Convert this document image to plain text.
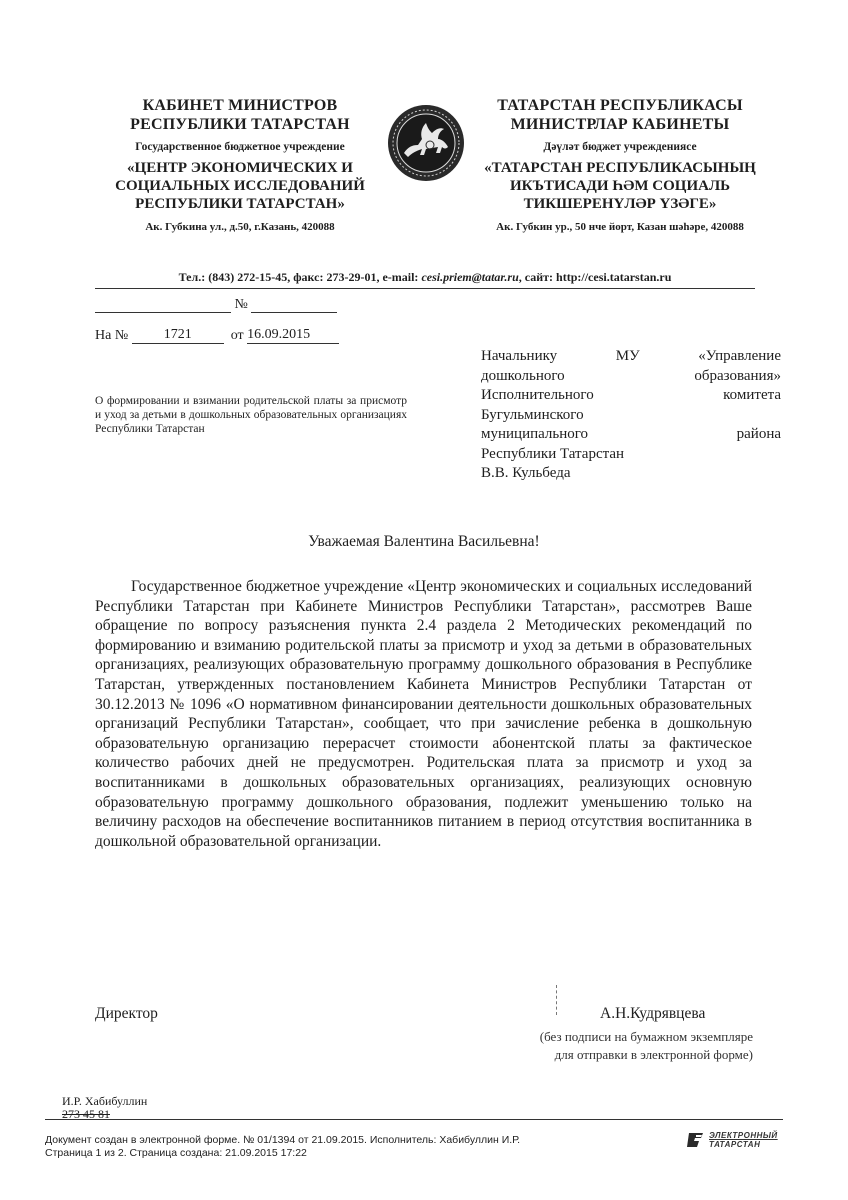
КАБИНЕТ МИНИСТРОВ
РЕСПУБЛИКИ ТАТАРСТАН
Государственное бюджетное учреждение
«ЦЕНТР ЭКОНОМИЧЕСКИХ И
СОЦИАЛЬНЫХ ИССЛЕДОВАНИЙ
РЕСПУБЛИКИ ТАТАРСТАН»
Ак. Губкина ул., д.50, г.Казань, 420088
ТАТАРСТАН РЕСПУБЛИКАСЫ
МИНИСТРЛАР КАБИНЕТЫ
Дәүләт бюджет учреждениясе
«ТАТАРСТАН РЕСПУБЛИКАСЫНЫҢ
ИКЪТИСАДИ ҺӘМ СОЦИАЛЬ
ТИКШЕРЕНҮЛӘР ҮЗӘГЕ»
Ак. Губкин ур., 50 нче йорт, Казан шәһәре, 420088
Тел.: (843) 272-15-45, факс: 273-29-01, e-mail: cesi.priem@tatar.ru, сайт: http://cesi.tatarstan.ru
№
На №	1721	от 16.09.2015
О формировании и взимании родительской платы за присмотр и уход за детьми в дошкольных образовательных организациях Республики Татарстан
Начальнику МУ «Управление
дошкольного образования»
Исполнительного комитета
Бугульминского
муниципального района
Республики Татарстан
В.В. Кульбеда
Уважаемая Валентина Васильевна!
Государственное бюджетное учреждение «Центр экономических и социальных исследований Республики Татарстан при Кабинете Министров Республики Татарстан», рассмотрев Ваше обращение по вопросу разъяснения пункта 2.4 раздела 2 Методических рекомендаций по формированию и взиманию родительской платы за присмотр и уход за детьми в образовательных организациях, реализующих образовательную программу дошкольного образования в Республике Татарстан, утвержденных постановлением Кабинета Министров Республики Татарстан от 30.12.2013 № 1096 «О нормативном финансировании деятельности дошкольных образовательных организаций Республики Татарстан», сообщает, что при зачисление ребенка в дошкольную образовательную организацию перерасчет стоимости абонентской платы за фактическое количество рабочих дней не предусмотрен. Родительская плата за присмотр и уход за воспитанниками в дошкольных образовательных организациях, реализующих основную образовательную программу дошкольного образования, подлежит уменьшению только на величину расходов на обеспечение воспитанников питанием в период отсутствия воспитанника в дошкольной образовательной организации.
Директор	А.Н.Кудрявцева
(без подписи на бумажном экземпляре
для отправки в электронной форме)
И.Р. Хабибуллин
273 45 81
Документ создан в электронной форме. № 01/1394 от 21.09.2015. Исполнитель: Хабибуллин И.Р.
Страница 1 из 2. Страница создана: 21.09.2015 17:22
ЭЛЕКТРОННЫЙ
ТАТАРСТАН
